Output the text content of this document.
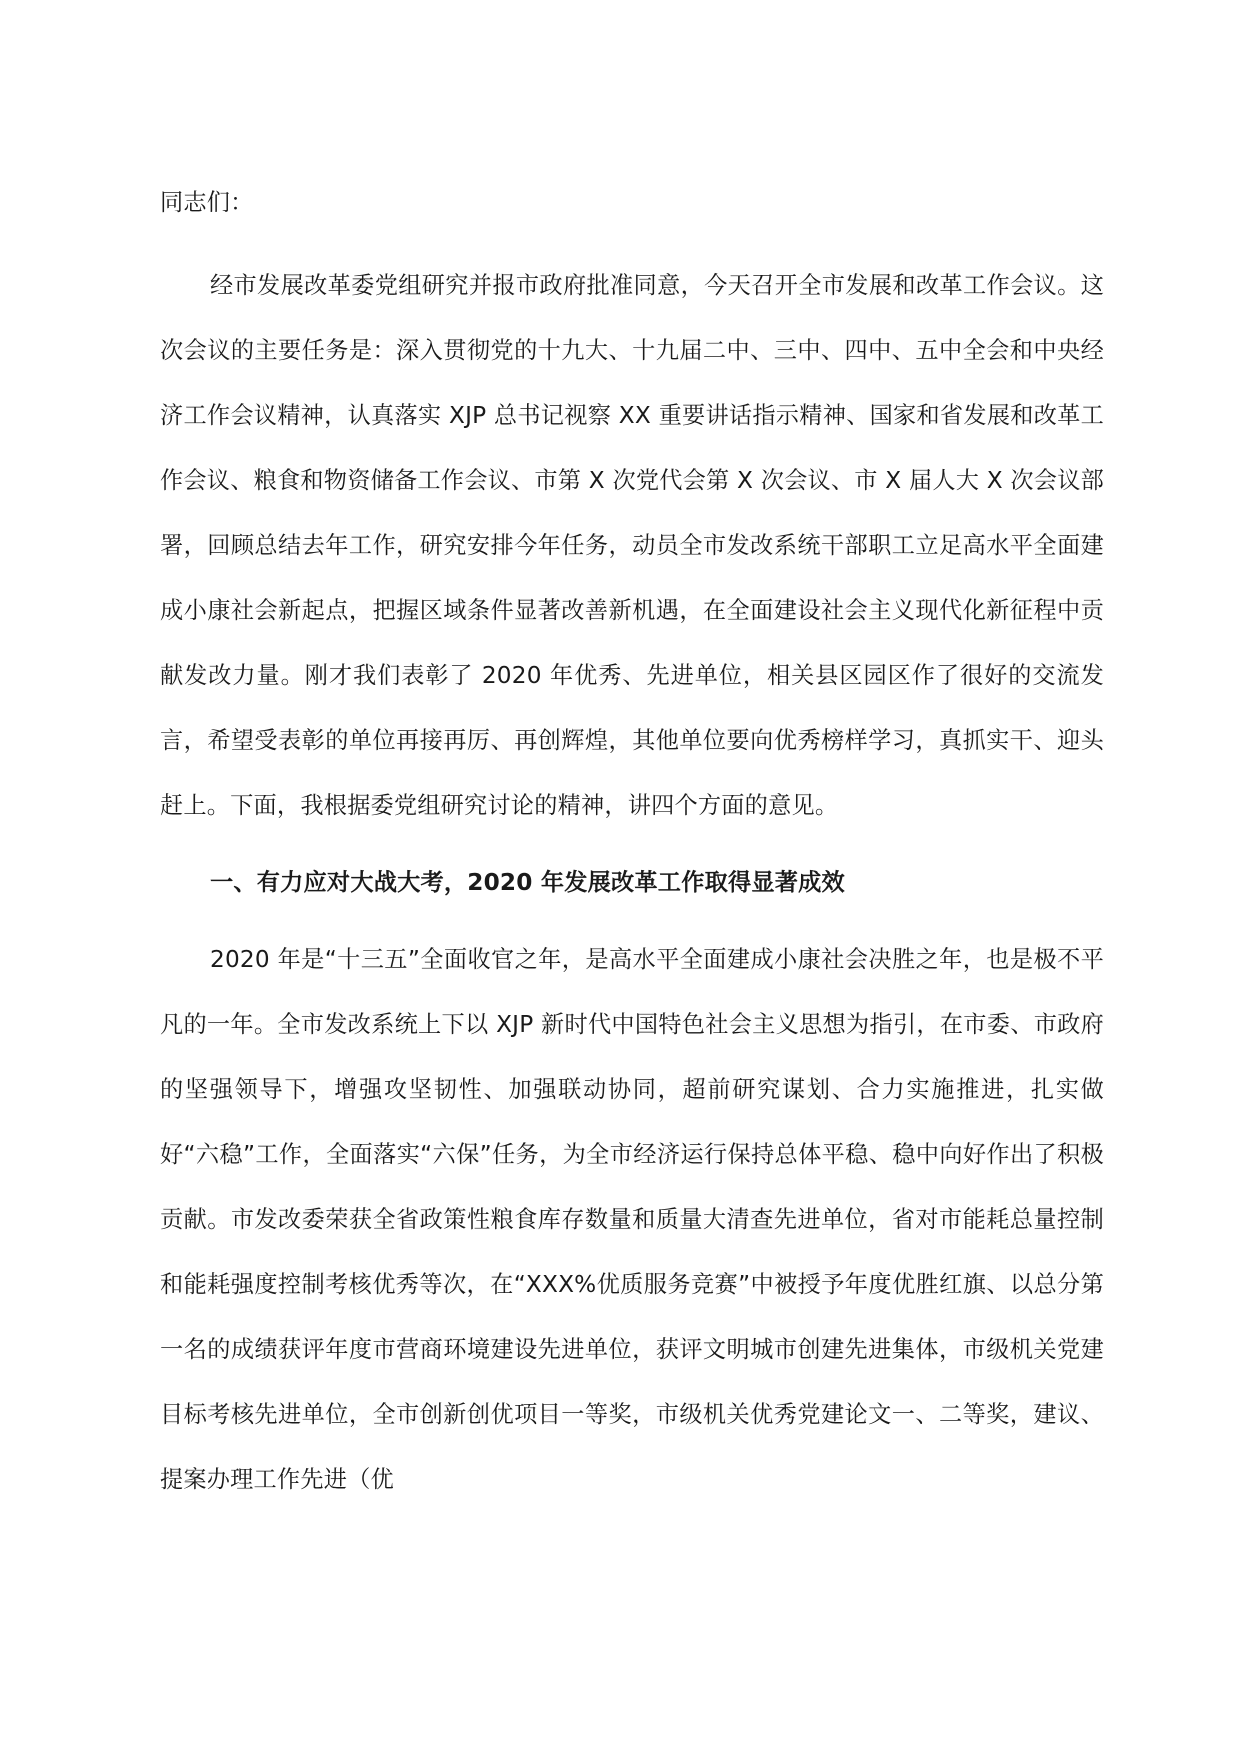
同志们：

经市发展改革委党组研究并报市政府批准同意，今天召开全市发展和改革工作会议。这次会议的主要任务是：深入贯彻党的十九大、十九届二中、三中、四中、五中全会和中央经济工作会议精神，认真落实 XJP 总书记视察 XX 重要讲话指示精神、国家和省发展和改革工作会议、粮食和物资储备工作会议、市第 X 次党代会第 X 次会议、市 X 届人大 X 次会议部署，回顾总结去年工作，研究安排今年任务，动员全市发改系统干部职工立足高水平全面建成小康社会新起点，把握区域条件显著改善新机遇，在全面建设社会主义现代化新征程中贡献发改力量。刚才我们表彰了 2020 年优秀、先进单位，相关县区园区作了很好的交流发言，希望受表彰的单位再接再厉、再创辉煌，其他单位要向优秀榜样学习，真抓实干、迎头赶上。下面，我根据委党组研究讨论的精神，讲四个方面的意见。

一、有力应对大战大考，2020 年发展改革工作取得显著成效

2020 年是“十三五”全面收官之年，是高水平全面建成小康社会决胜之年，也是极不平凡的一年。全市发改系统上下以 XJP 新时代中国特色社会主义思想为指引，在市委、市政府的坚强领导下，增强攻坚韧性、加强联动协同，超前研究谋划、合力实施推进，扎实做好“六稳”工作，全面落实“六保”任务，为全市经济运行保持总体平稳、稳中向好作出了积极贡献。市发改委荣获全省政策性粮食库存数量和质量大清查先进单位，省对市能耗总量控制和能耗强度控制考核优秀等次，在“XXX%优质服务竞赛”中被授予年度优胜红旗、以总分第一名的成绩获评年度市营商环境建设先进单位，获评文明城市创建先进集体，市级机关党建目标考核先进单位，全市创新创优项目一等奖，市级机关优秀党建论文一、二等奖，建议、提案办理工作先进（优
